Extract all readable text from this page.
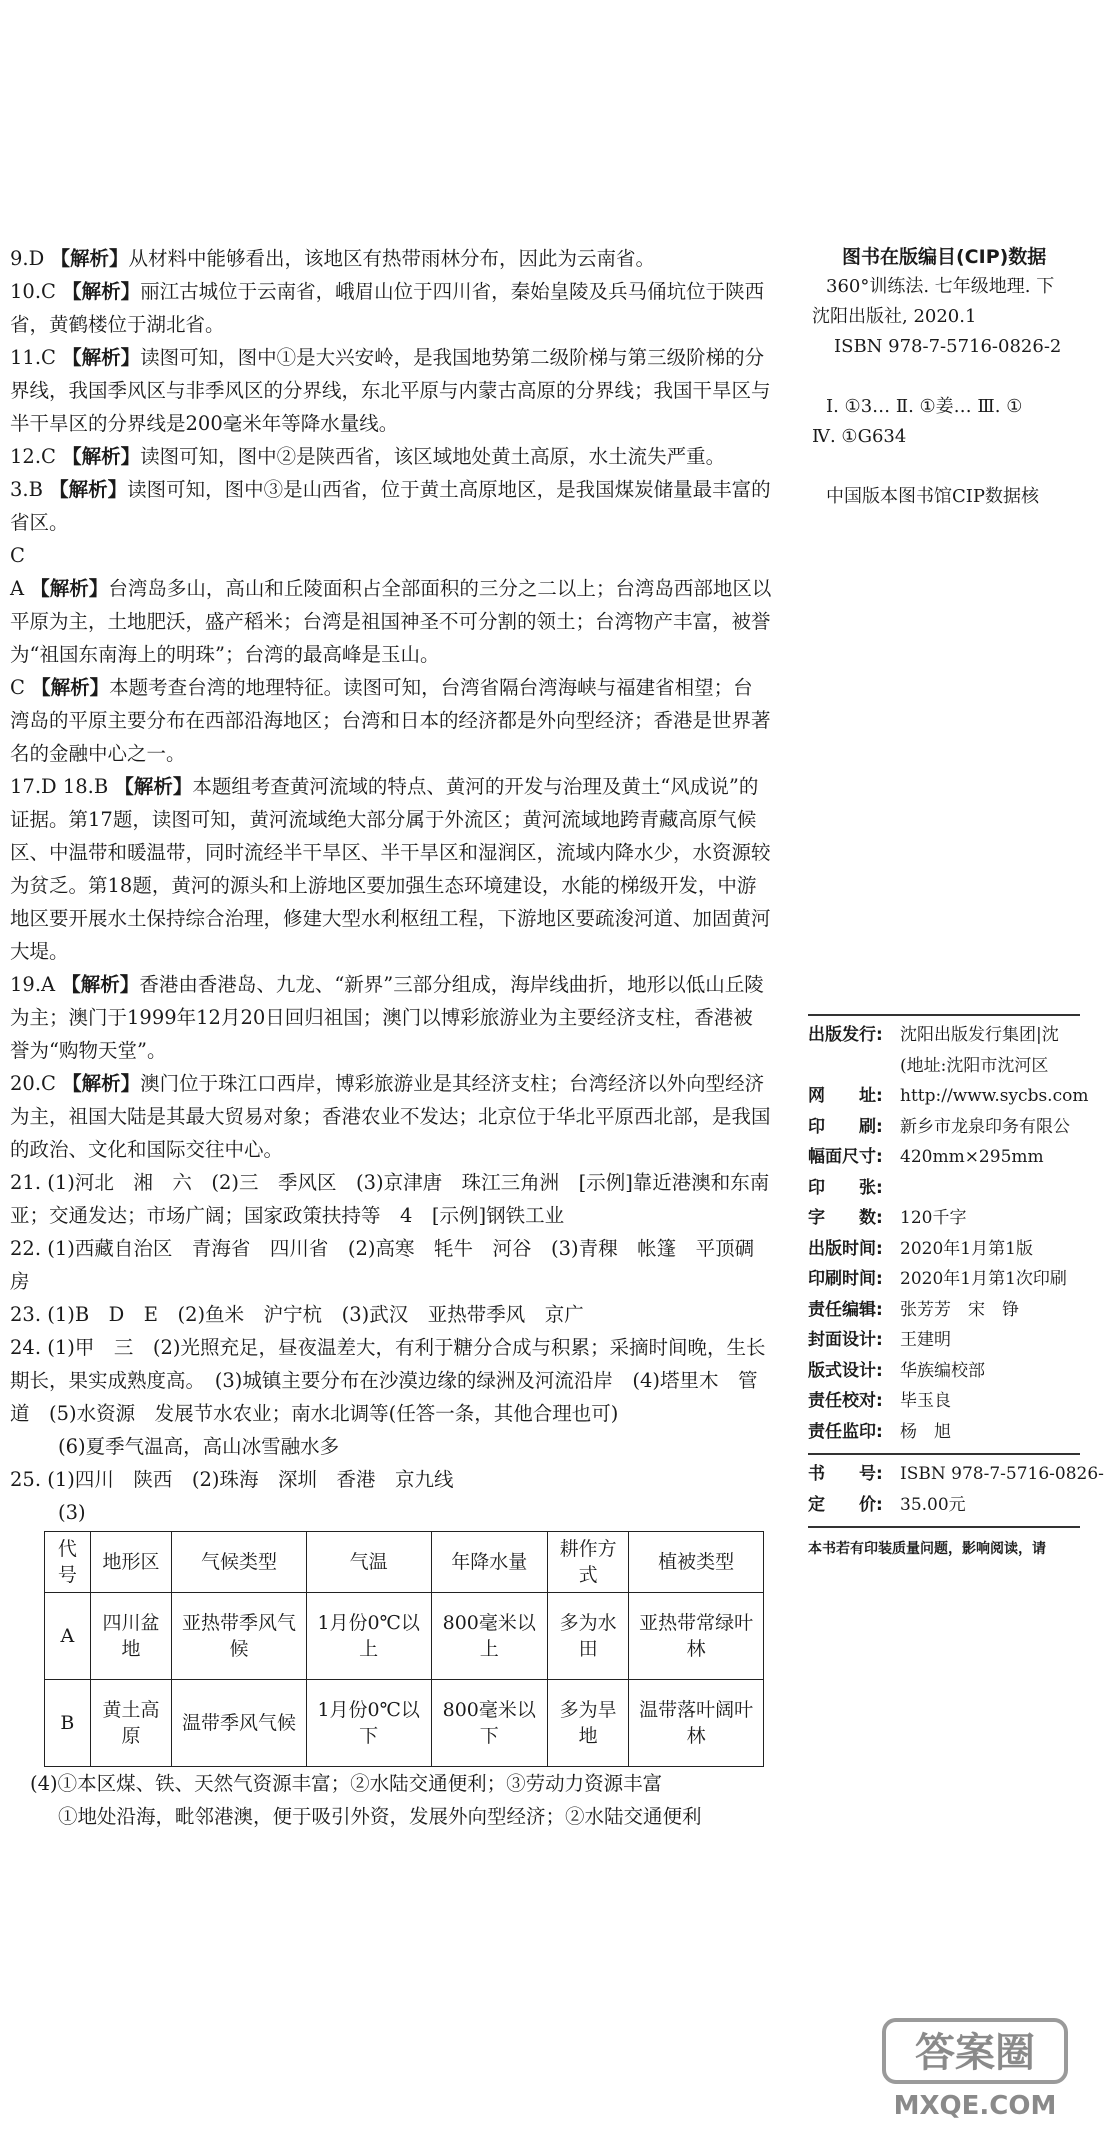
9.D 【解析】从材料中能够看出，该地区有热带雨林分布，因此为云南省。

10.C 【解析】丽江古城位于云南省，峨眉山位于四川省，秦始皇陵及兵马俑坑位于陕西省，黄鹤楼位于湖北省。

11.C 【解析】读图可知，图中①是大兴安岭，是我国地势第二级阶梯与第三级阶梯的分界线，我国季风区与非季风区的分界线，东北平原与内蒙古高原的分界线；我国干旱区与半干旱区的分界线是200毫米年等降水量线。

12.C 【解析】读图可知，图中②是陕西省，该区域地处黄土高原，水土流失严重。

3.B 【解析】读图可知，图中③是山西省，位于黄土高原地区，是我国煤炭储量最丰富的省区。

C

A 【解析】台湾岛多山，高山和丘陵面积占全部面积的三分之二以上；台湾岛西部地区以平原为主，土地肥沃，盛产稻米；台湾是祖国神圣不可分割的领土；台湾物产丰富，被誉为“祖国东南海上的明珠”；台湾的最高峰是玉山。

C 【解析】本题考查台湾的地理特征。读图可知，台湾省隔台湾海峡与福建省相望；台湾岛的平原主要分布在西部沿海地区；台湾和日本的经济都是外向型经济；香港是世界著名的金融中心之一。

17.D 18.B 【解析】本题组考查黄河流域的特点、黄河的开发与治理及黄土“风成说”的证据。第17题，读图可知，黄河流域绝大部分属于外流区；黄河流域地跨青藏高原气候区、中温带和暖温带，同时流经半干旱区、半干旱区和湿润区，流域内降水少，水资源较为贫乏。第18题，黄河的源头和上游地区要加强生态环境建设，水能的梯级开发，中游地区要开展水土保持综合治理，修建大型水利枢纽工程，下游地区要疏浚河道、加固黄河大堤。

19.A 【解析】香港由香港岛、九龙、“新界”三部分组成，海岸线曲折，地形以低山丘陵为主；澳门于1999年12月20日回归祖国；澳门以博彩旅游业为主要经济支柱，香港被誉为“购物天堂”。

20.C 【解析】澳门位于珠江口西岸，博彩旅游业是其经济支柱；台湾经济以外向型经济为主，祖国大陆是其最大贸易对象；香港农业不发达；北京位于华北平原西北部，是我国的政治、文化和国际交往中心。

21. (1)河北　湘　六　(2)三　季风区　(3)京津唐　珠江三角洲　[示例]靠近港澳和东南亚；交通发达；市场广阔；国家政策扶持等　4　[示例]钢铁工业

22. (1)西藏自治区　青海省　四川省　(2)高寒　牦牛　河谷　(3)青稞　帐篷　平顶碉房

23. (1)B　D　E　(2)鱼米　沪宁杭　(3)武汉　亚热带季风　京广

24. (1)甲　三　(2)光照充足，昼夜温差大，有利于糖分合成与积累；采摘时间晚，生长期长，果实成熟度高。　(3)城镇主要分布在沙漠边缘的绿洲及河流沿岸　(4)塔里木　管道　(5)水资源　发展节水农业；南水北调等(任答一条，其他合理也可)

(6)夏季气温高，高山冰雪融水多

25. (1)四川　陕西　(2)珠海　深圳　香港　京九线

(3)

代号	地形区	气候类型	气温	年降水量	耕作方式	植被类型
A	四川盆地	亚热带季风气候	1月份0℃以上	800毫米以上	多为水田	亚热带常绿叶林
B	黄土高原	温带季风气候	1月份0℃以下	800毫米以下	多为旱地	温带落叶阔叶林

(4)①本区煤、铁、天然气资源丰富；②水陆交通便利；③劳动力资源丰富

①地处沿海，毗邻港澳，便于吸引外资，发展外向型经济；②水陆交通便利

图书在版编目(CIP)数据

360°训练法. 七年级地理. 下

沈阳出版社, 2020.1

ISBN 978-7-5716-0826-2

Ⅰ. ①3… Ⅱ. ①姜… Ⅲ. ①

Ⅳ. ①G634

中国版本图书馆CIP数据核

出版发行: 沈阳出版发行集团|沈
(地址:沈阳市沈河区
网　　址: http://www.sycbs.com
印　　刷: 新乡市龙泉印务有限公
幅面尺寸: 420mm×295mm
印　　张:
字　　数: 120千字
出版时间: 2020年1月第1版
印刷时间: 2020年1月第1次印刷
责任编辑: 张芳芳　宋　铮
封面设计: 王建明
版式设计: 华族编校部
责任校对: 毕玉良
责任监印: 杨　旭
书　　号: ISBN 978-7-5716-0826-
定　　价: 35.00元
本书若有印装质量问题，影响阅读，请
答案圈
MXQE.COM
